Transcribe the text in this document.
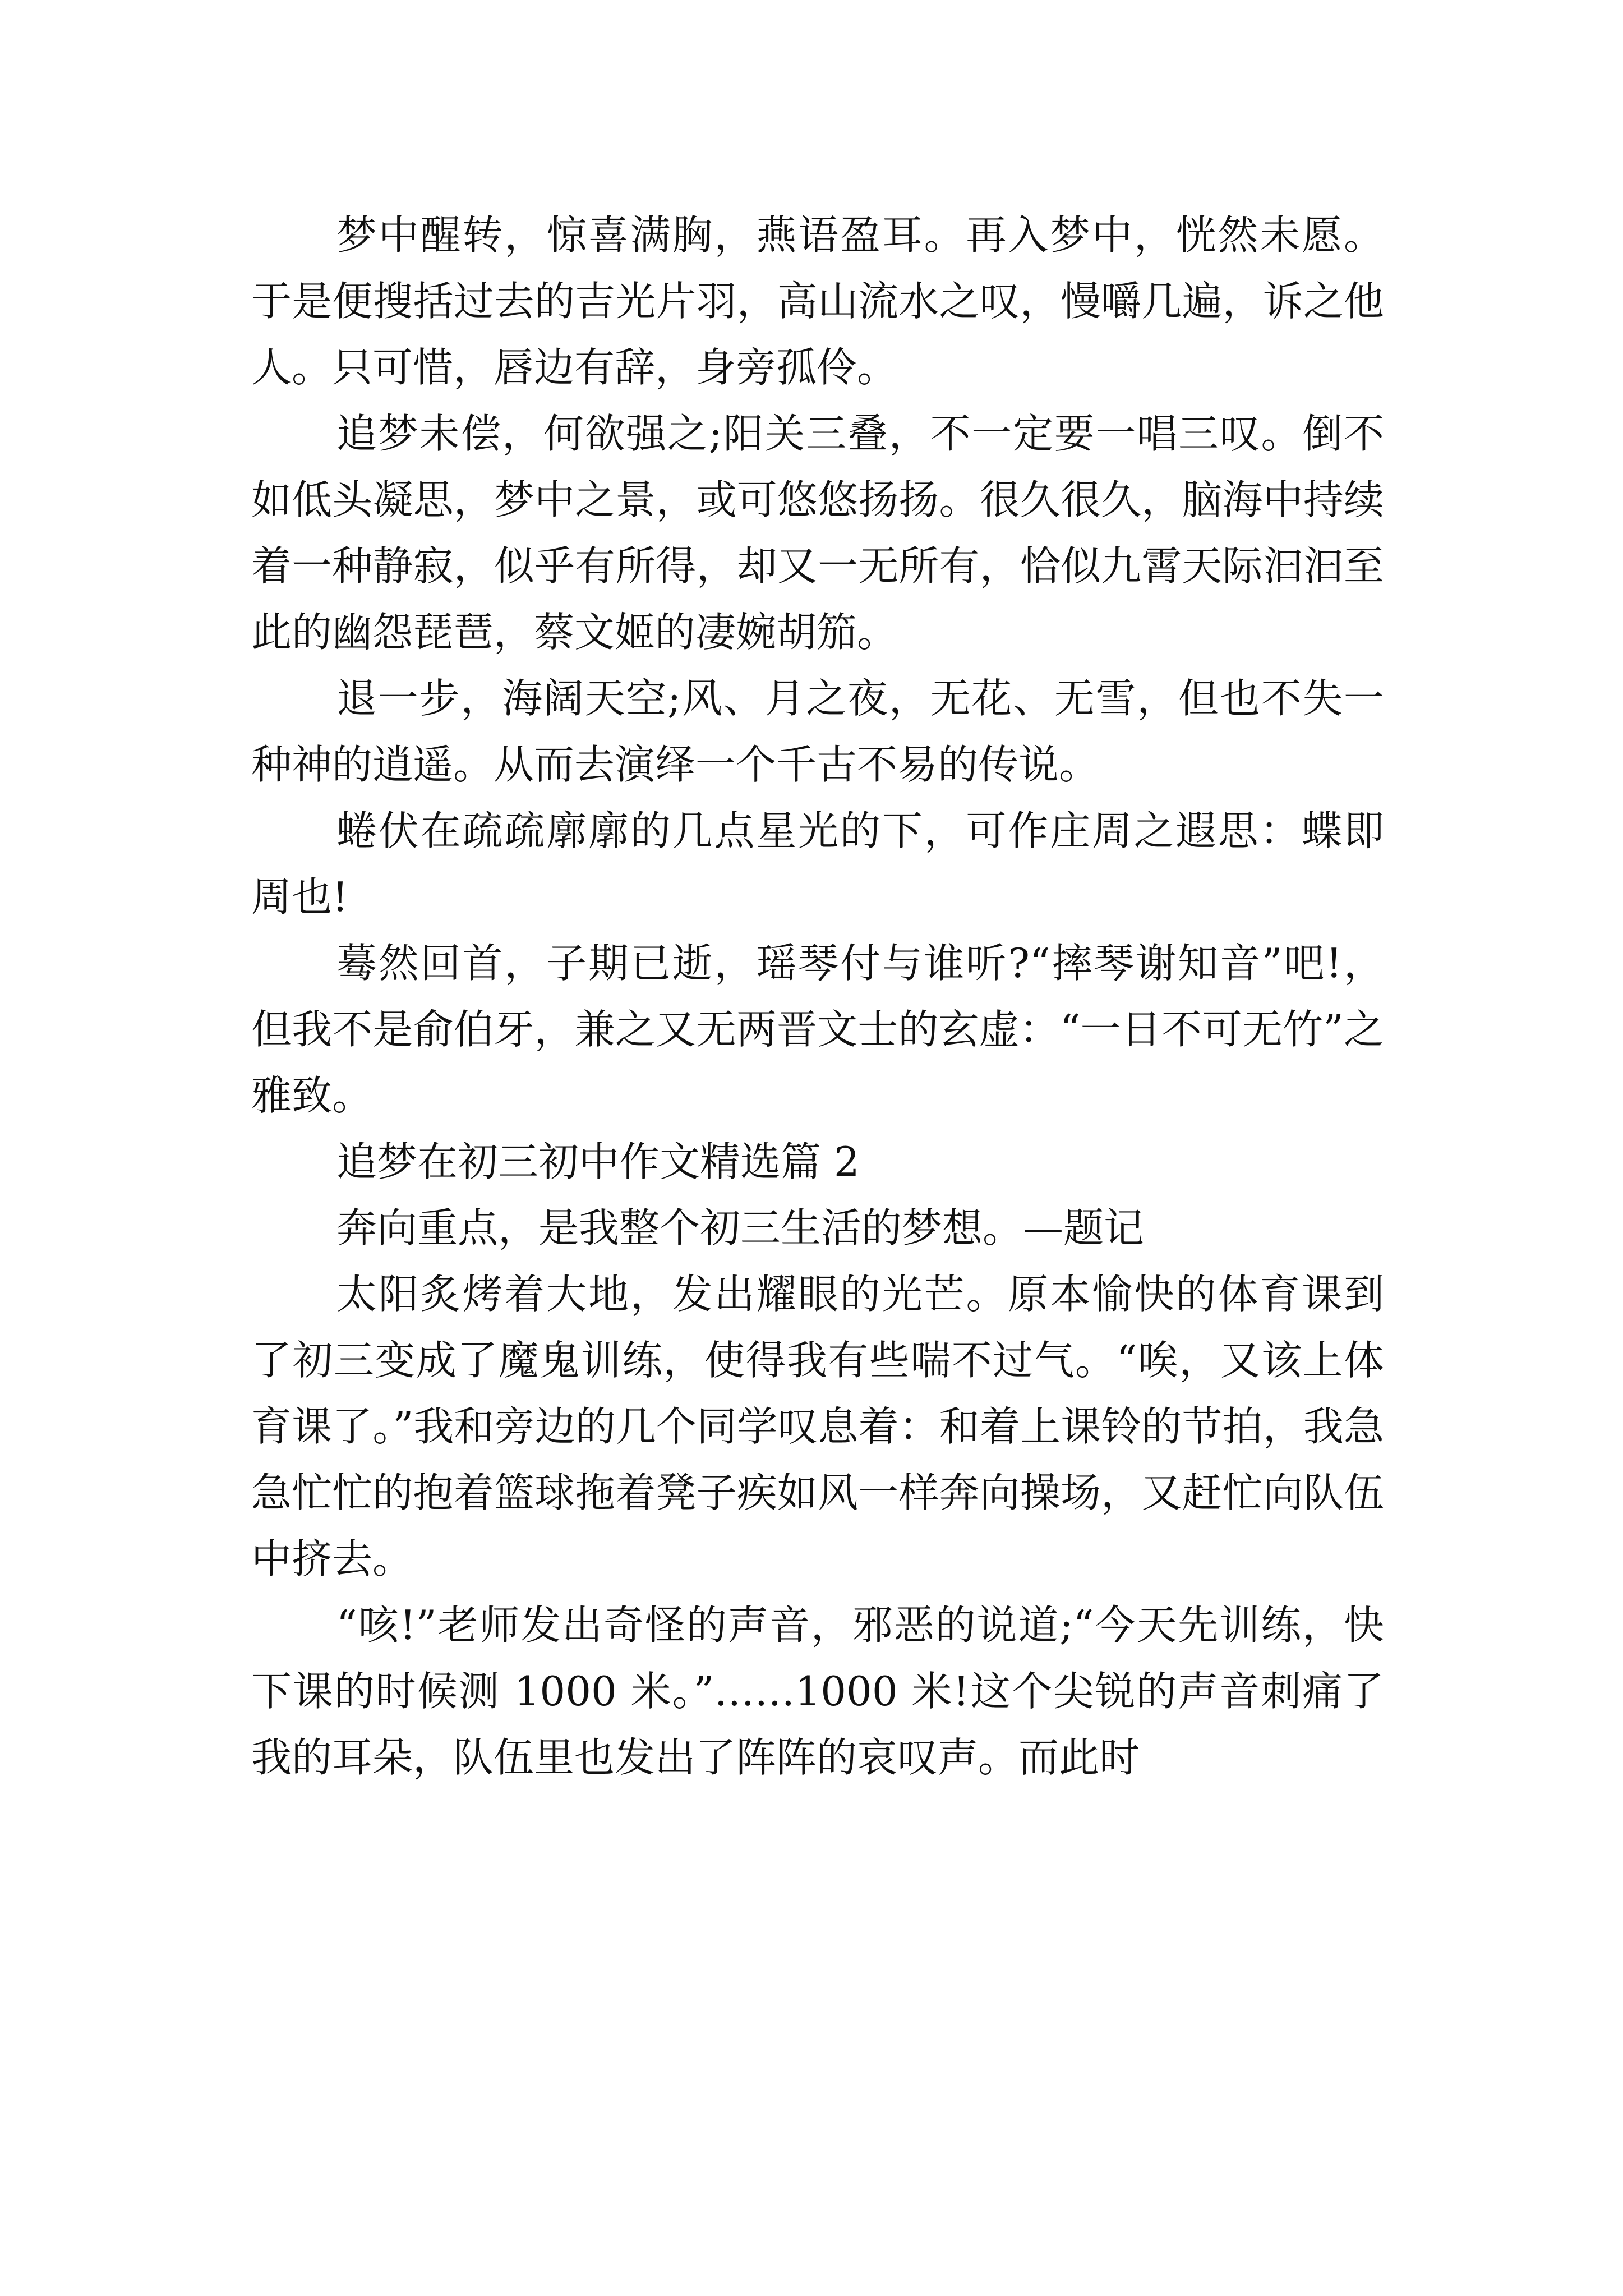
梦中醒转，惊喜满胸，燕语盈耳。再入梦中，恍然未愿。于是便搜括过去的吉光片羽，高山流水之叹，慢嚼几遍，诉之他人。只可惜，唇边有辞，身旁孤伶。

追梦未偿，何欲强之;阳关三叠，不一定要一唱三叹。倒不如低头凝思，梦中之景，或可悠悠扬扬。很久很久，脑海中持续着一种静寂，似乎有所得，却又一无所有，恰似九霄天际汩汩至此的幽怨琵琶，蔡文姬的凄婉胡笳。

退一步，海阔天空;风、月之夜，无花、无雪，但也不失一种神的逍遥。从而去演绎一个千古不易的传说。

蜷伏在疏疏廓廓的几点星光的下，可作庄周之遐思：蝶即周也!

蓦然回首，子期已逝，瑶琴付与谁听?“摔琴谢知音”吧!，但我不是俞伯牙，兼之又无两晋文士的玄虚：“一日不可无竹”之雅致。

追梦在初三初中作文精选篇 2

奔向重点，是我整个初三生活的梦想。—题记

太阳炙烤着大地，发出耀眼的光芒。原本愉快的体育课到了初三变成了魔鬼训练，使得我有些喘不过气。“唉，又该上体育课了。”我和旁边的几个同学叹息着：和着上课铃的节拍，我急急忙忙的抱着篮球拖着凳子疾如风一样奔向操场，又赶忙向队伍中挤去。

“咳!”老师发出奇怪的声音，邪恶的说道;“今天先训练，快下课的时候测 1000 米。”……1000 米!这个尖锐的声音刺痛了我的耳朵，队伍里也发出了阵阵的哀叹声。而此时
